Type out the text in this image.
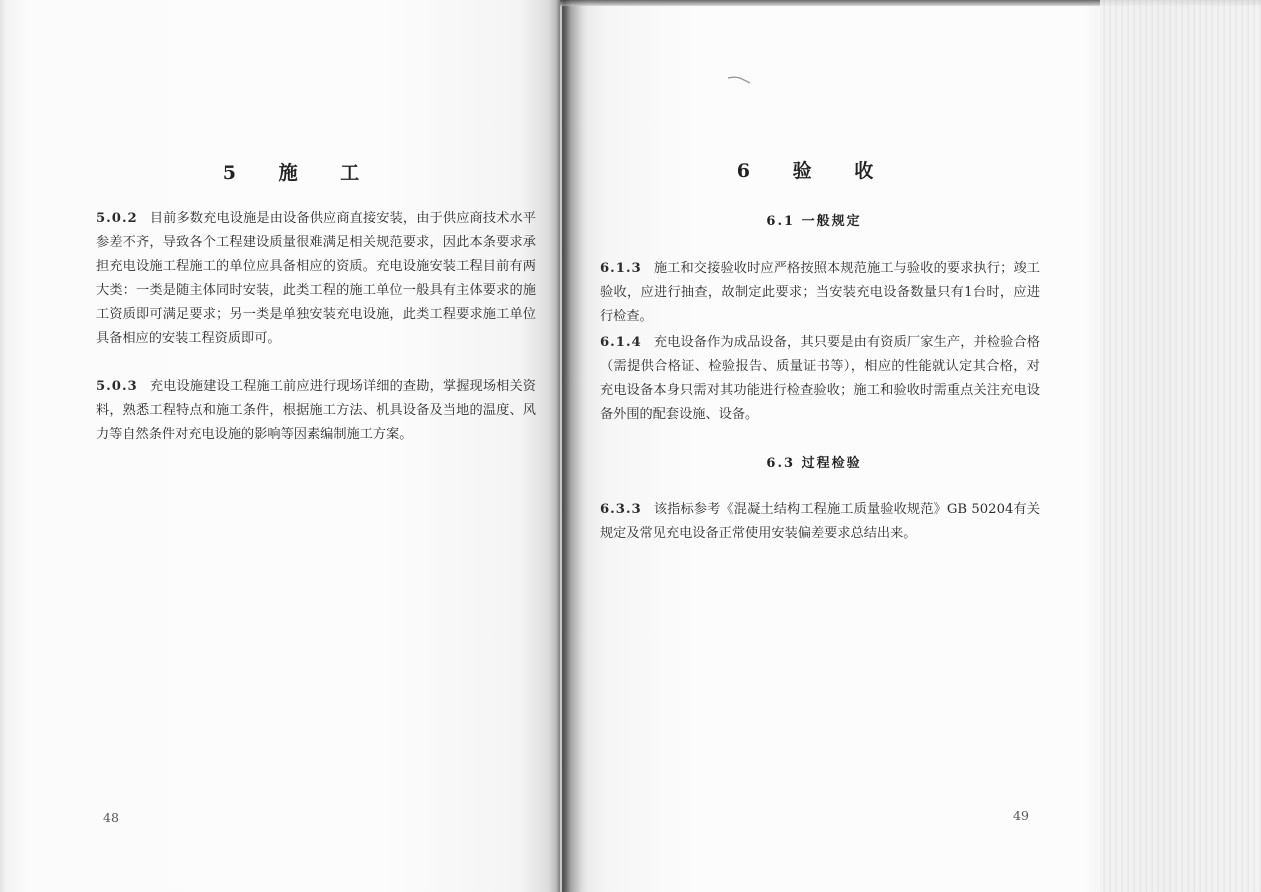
5 施 工
5.0.2 目前多数充电设施是由设备供应商直接安装，由于供应商技术水平参差不齐，导致各个工程建设质量很难满足相关规范要求，因此本条要求承担充电设施工程施工的单位应具备相应的资质。充电设施安装工程目前有两大类：一类是随主体同时安装，此类工程的施工单位一般具有主体要求的施工资质即可满足要求；另一类是单独安装充电设施，此类工程要求施工单位具备相应的安装工程资质即可。
5.0.3 充电设施建设工程施工前应进行现场详细的查勘，掌握现场相关资料，熟悉工程特点和施工条件，根据施工方法、机具设备及当地的温度、风力等自然条件对充电设施的影响等因素编制施工方案。
48
6 验 收
6.1 一般规定
6.1.3 施工和交接验收时应严格按照本规范施工与验收的要求执行；竣工验收，应进行抽查，故制定此要求；当安装充电设备数量只有1台时，应进行检查。
6.1.4 充电设备作为成品设备，其只要是由有资质厂家生产，并检验合格（需提供合格证、检验报告、质量证书等），相应的性能就认定其合格，对充电设备本身只需对其功能进行检查验收；施工和验收时需重点关注充电设备外围的配套设施、设备。
6.3 过程检验
6.3.3 该指标参考《混凝土结构工程施工质量验收规范》GB 50204有关规定及常见充电设备正常使用安装偏差要求总结出来。
49
